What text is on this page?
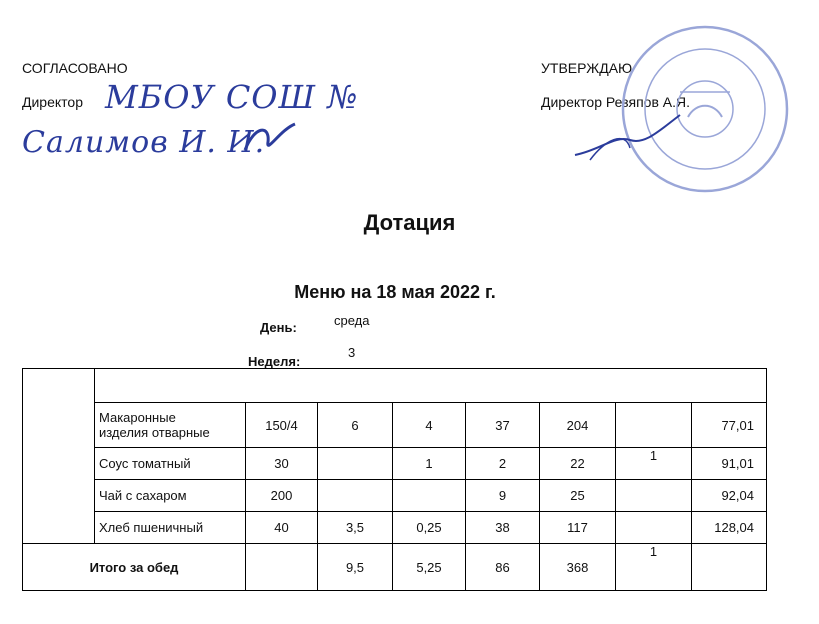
СОГЛАСОВАНО
Директор МБОУ СОШ №
Салимов И. И.
УТВЕРЖДАЮ
Директор Резяпов А.Я.
Дотация
Меню на 18 мая 2022 г.
День:	среда
Неделя:
3

	Макаронные
изделия отварные	150/4	6	4	37	204		77,01
	Соус томатный	30		1	2	22	1	91,01
	Чай с сахаром	200			9	25		92,04
	Хлеб пшеничный	40	3,5	0,25	38	117		128,04
Итого за обед			9,5	5,25	86	368	1	
